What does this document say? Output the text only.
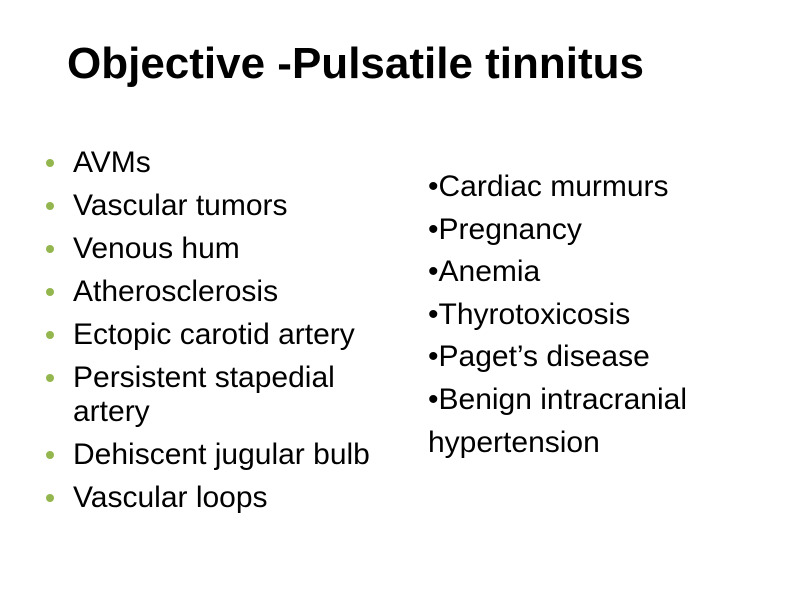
Objective -Pulsatile tinnitus
AVMs
Vascular tumors
Venous hum
Atherosclerosis
Ectopic carotid artery
Persistent stapedial artery
Dehiscent jugular bulb
Vascular loops

•Cardiac murmurs

•Pregnancy

•Anemia

•Thyrotoxicosis

•Paget’s disease

•Benign intracranial hypertension
